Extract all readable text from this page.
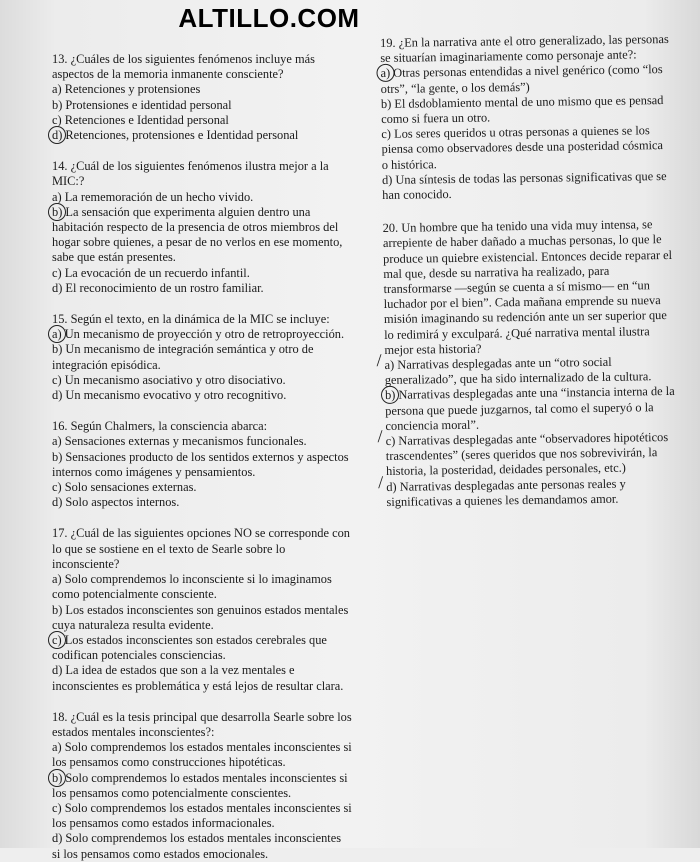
ALTILLO.COM

13. ¿Cuáles de los siguientes fenómenos incluye más aspectos de la memoria inmanente consciente?

a) Retenciones y protensiones
b) Protensiones e identidad personal
c) Retenciones e Identidad personal
d) Retenciones, protensiones e Identidad personal

14. ¿Cuál de los siguientes fenómenos ilustra mejor a la MIC:?

a) La rememoración de un hecho vivido.
b) La sensación que experimenta alguien dentro una habitación respecto de la presencia de otros miembros del hogar sobre quienes, a pesar de no verlos en ese momento, sabe que están presentes.
c) La evocación de un recuerdo infantil.
d) El reconocimiento de un rostro familiar.

15. Según el texto, en la dinámica de la MIC se incluye:

a) Un mecanismo de proyección y otro de retroproyección.
b) Un mecanismo de integración semántica y otro de integración episódica.
c) Un mecanismo asociativo y otro disociativo.
d) Un mecanismo evocativo y otro recognitivo.

16. Según Chalmers, la consciencia abarca:

a) Sensaciones externas y mecanismos funcionales.
b) Sensaciones producto de los sentidos externos y aspectos internos como imágenes y pensamientos.
c) Solo sensaciones externas.
d) Solo aspectos internos.

17. ¿Cuál de las siguientes opciones NO se corresponde con lo que se sostiene en el texto de Searle sobre lo inconsciente?

a) Solo comprendemos lo inconsciente si lo imaginamos como potencialmente consciente.
b) Los estados inconscientes son genuinos estados mentales cuya naturaleza resulta evidente.
c) Los estados inconscientes son estados cerebrales que codifican potenciales consciencias.
d) La idea de estados que son a la vez mentales e inconscientes es problemática y está lejos de resultar clara.

18. ¿Cuál es la tesis principal que desarrolla Searle sobre los estados mentales inconscientes?:

a) Solo comprendemos los estados mentales inconscientes si los pensamos como construcciones hipotéticas.
b) Solo comprendemos lo estados mentales inconscientes si los pensamos como potencialmente conscientes.
c) Solo comprendemos los estados mentales inconscientes si los pensamos como estados informacionales.
d) Solo comprendemos los estados mentales inconscientes si los pensamos como estados emocionales.

19. ¿En la narrativa ante el otro generalizado, las personas se situarían imaginariamente como personaje ante?:

a) Otras personas entendidas a nivel genérico (como “los otrs”, “la gente, o los demás”)
b) El dsdoblamiento mental de uno mismo que es pensad como si fuera un otro.
c) Los seres queridos u otras personas a quienes se los piensa como observadores desde una posteridad cósmica o histórica.
d) Una síntesis de todas las personas significativas que se han conocido.

20. Un hombre que ha tenido una vida muy intensa, se arrepiente de haber dañado a muchas personas, lo que le produce un quiebre existencial. Entonces decide reparar el mal que, desde su narrativa ha realizado, para transformarse —según se cuenta a sí mismo— en “un luchador por el bien”. Cada mañana emprende su nueva misión imaginando su redención ante un ser superior que lo redimirá y exculpará. ¿Qué narrativa mental ilustra mejor esta historia?

a) Narrativas desplegadas ante un “otro social generalizado”, que ha sido internalizado de la cultura. /
b) Narrativas desplegadas ante una “instancia interna de la persona que puede juzgarnos, tal como el superyó o la conciencia moral”.
c) Narrativas desplegadas ante “observadores hipotéticos trascendentes” (seres queridos que nos sobrevivirán, la historia, la posteridad, deidades personales, etc.) /
d) Narrativas desplegadas ante personas reales y significativas a quienes les demandamos amor. /
